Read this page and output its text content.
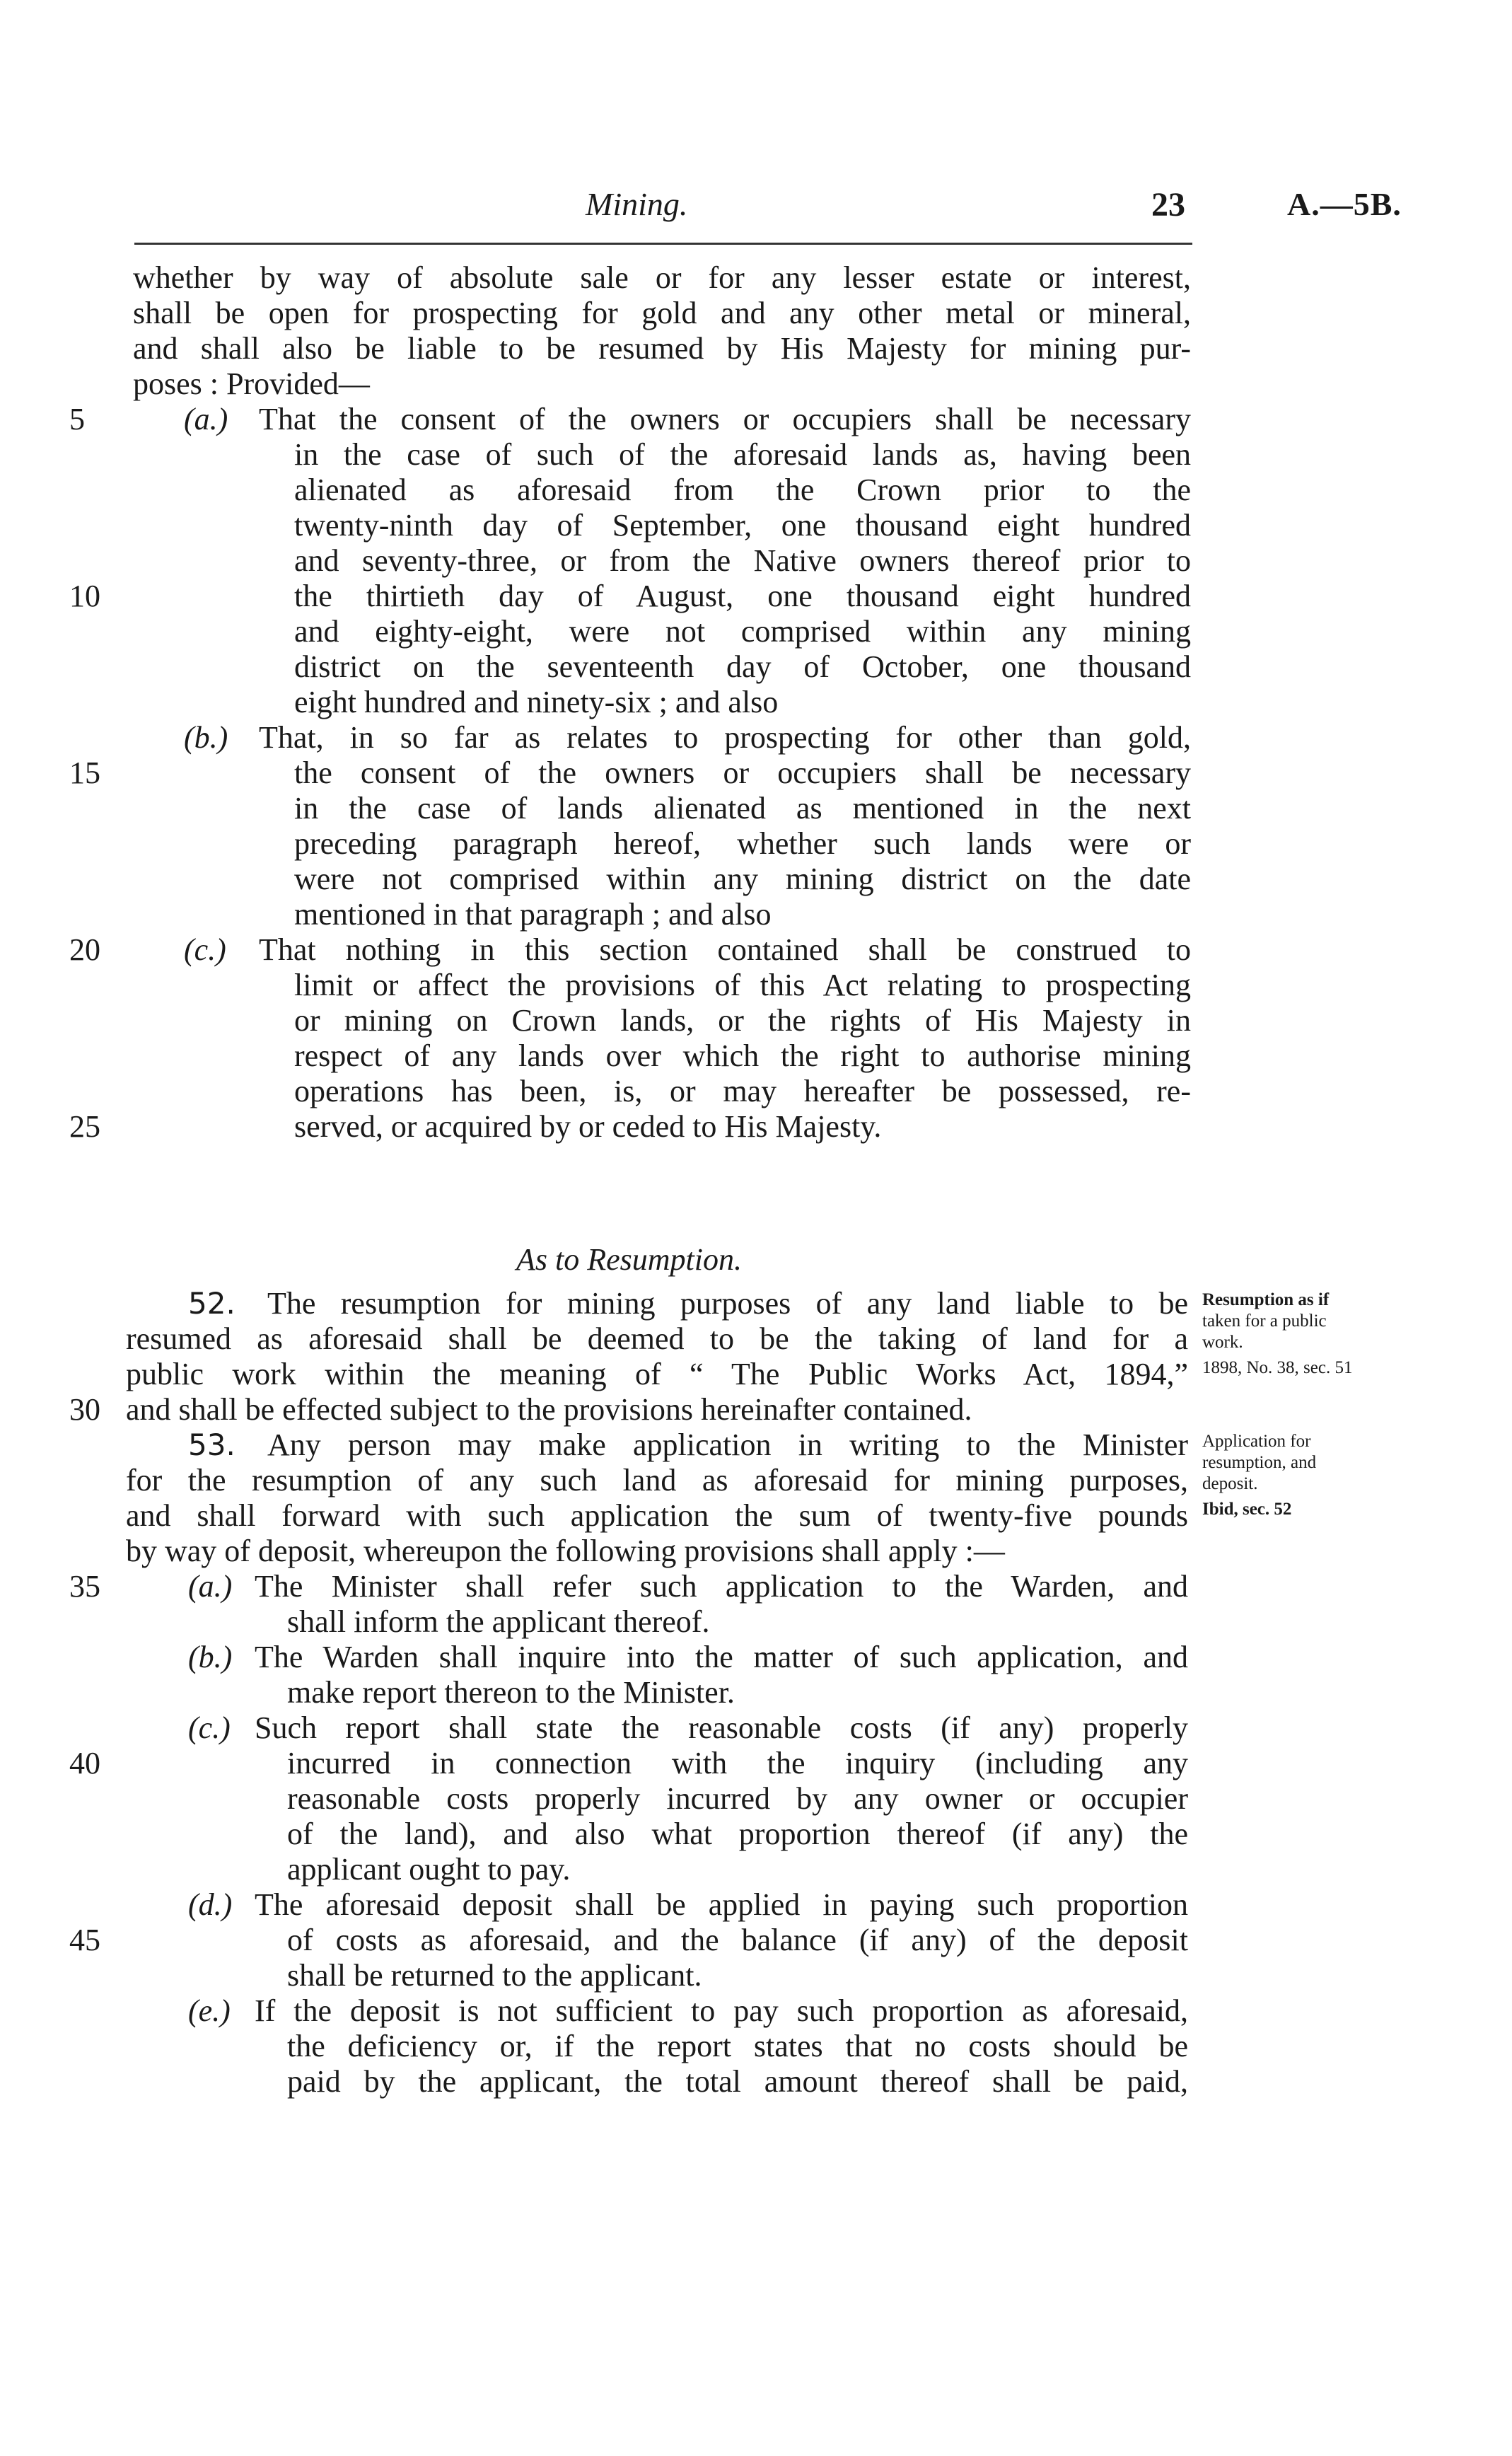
Mining.	23	A.—5B.
5
10
15
20
25
30
35
40
45
whether by way of absolute sale or for any lesser estate or interest,
shall be open for prospecting for gold and any other metal or mineral,
and shall also be liable to be resumed by His Majesty for mining pur-
poses : Provided—
(a.) That the consent of the owners or occupiers shall be necessary
in the case of such of the aforesaid lands as, having been
alienated as aforesaid from the Crown prior to the
twenty-ninth day of September, one thousand eight hundred
and seventy-three, or from the Native owners thereof prior to
the thirtieth day of August, one thousand eight hundred
and eighty-eight, were not comprised within any mining
district on the seventeenth day of October, one thousand
eight hundred and ninety-six ; and also
(b.) That, in so far as relates to prospecting for other than gold,
the consent of the owners or occupiers shall be necessary
in the case of lands alienated as mentioned in the next
preceding paragraph hereof, whether such lands were or
were not comprised within any mining district on the date
mentioned in that paragraph ; and also
(c.) That nothing in this section contained shall be construed to
limit or affect the provisions of this Act relating to prospecting
or mining on Crown lands, or the rights of His Majesty in
respect of any lands over which the right to authorise mining
operations has been, is, or may hereafter be possessed, re-
served, or acquired by or ceded to His Majesty.
As to Resumption.
52. The resumption for mining purposes of any land liable to be
resumed as aforesaid shall be deemed to be the taking of land for a
public work within the meaning of “ The Public Works Act, 1894,”
and shall be effected subject to the provisions hereinafter contained.
Resumption as if
taken for a public
work.
1898, No. 38, sec. 51
53. Any person may make application in writing to the Minister
for the resumption of any such land as aforesaid for mining purposes,
and shall forward with such application the sum of twenty-five pounds
by way of deposit, whereupon the following provisions shall apply :—
Application for
resumption, and
deposit.
Ibid, sec. 52
(a.) The Minister shall refer such application to the Warden, and
shall inform the applicant thereof.
(b.) The Warden shall inquire into the matter of such application, and
make report thereon to the Minister.
(c.) Such report shall state the reasonable costs (if any) properly
incurred in connection with the inquiry (including any
reasonable costs properly incurred by any owner or occupier
of the land), and also what proportion thereof (if any) the
applicant ought to pay.
(d.) The aforesaid deposit shall be applied in paying such proportion
of costs as aforesaid, and the balance (if any) of the deposit
shall be returned to the applicant.
(e.) If the deposit is not sufficient to pay such proportion as aforesaid,
the deficiency or, if the report states that no costs should be
paid by the applicant, the total amount thereof shall be paid,
